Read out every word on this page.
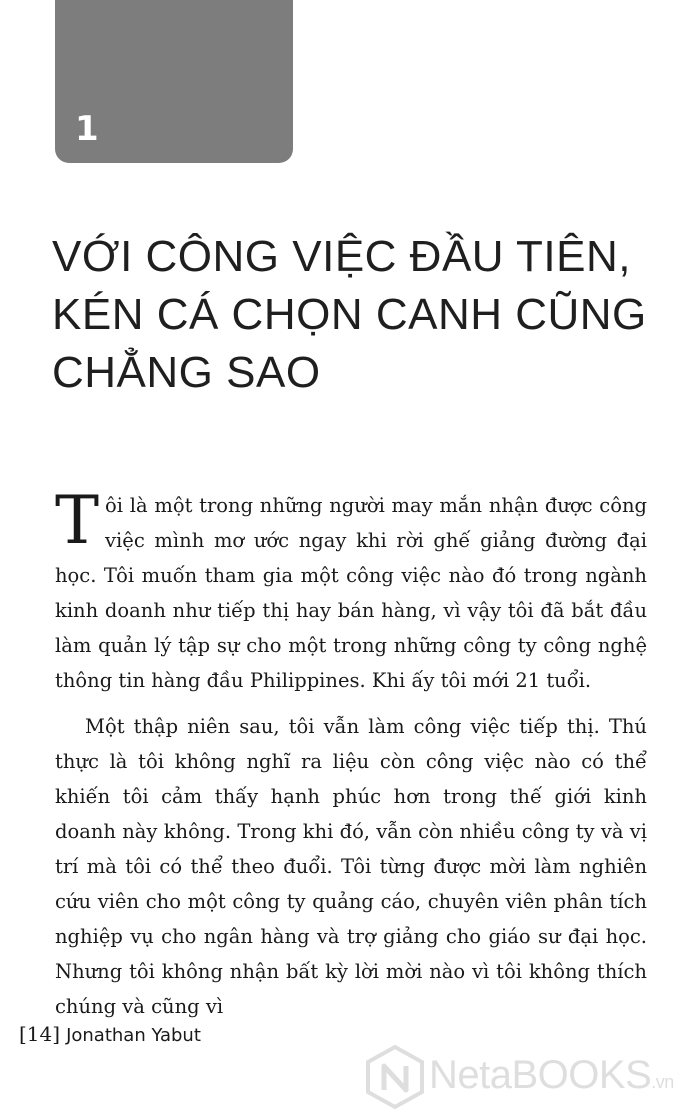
1
VỚI CÔNG VIỆC ĐẦU TIÊN,
KÉN CÁ CHỌN CANH CŨNG
CHẲNG SAO

Tôi là một trong những người may mắn nhận được công việc mình mơ ước ngay khi rời ghế giảng đường đại học. Tôi muốn tham gia một công việc nào đó trong ngành kinh doanh như tiếp thị hay bán hàng, vì vậy tôi đã bắt đầu làm quản lý tập sự cho một trong những công ty công nghệ thông tin hàng đầu Philippines. Khi ấy tôi mới 21 tuổi.

Một thập niên sau, tôi vẫn làm công việc tiếp thị. Thú thực là tôi không nghĩ ra liệu còn công việc nào có thể khiến tôi cảm thấy hạnh phúc hơn trong thế giới kinh doanh này không. Trong khi đó, vẫn còn nhiều công ty và vị trí mà tôi có thể theo đuổi. Tôi từng được mời làm nghiên cứu viên cho một công ty quảng cáo, chuyên viên phân tích nghiệp vụ cho ngân hàng và trợ giảng cho giáo sư đại học. Nhưng tôi không nhận bất kỳ lời mời nào vì tôi không thích chúng và cũng vì

[14] Jonathan Yabut
NetaBOOKS.vn
